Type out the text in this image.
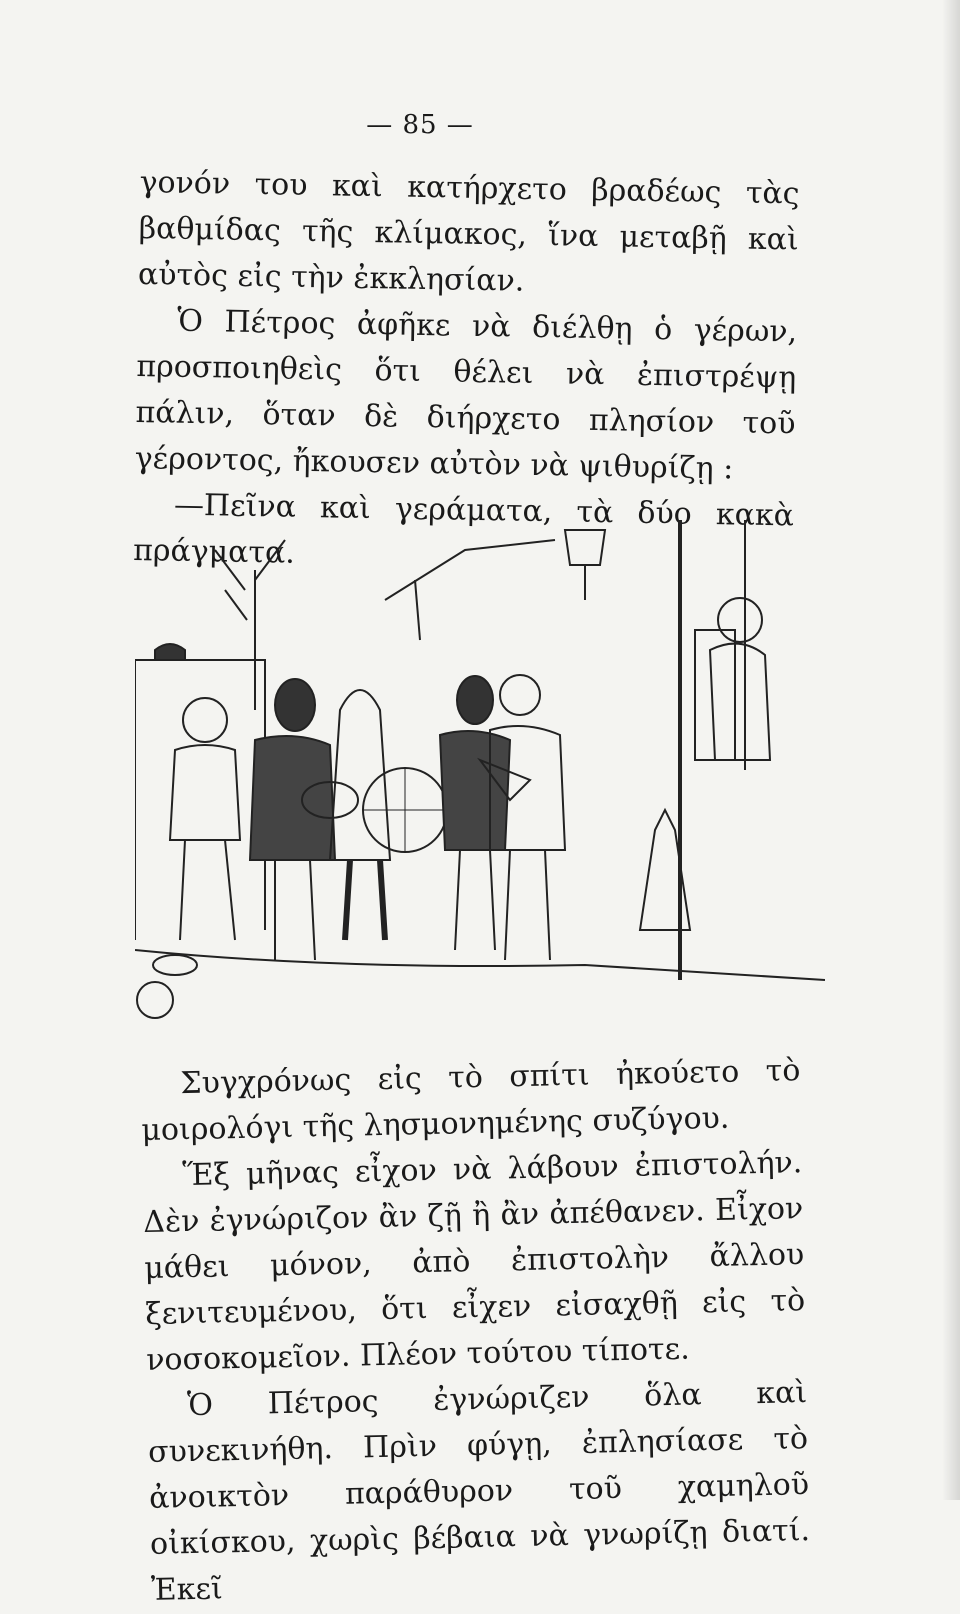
— 85 —

γονόν του καὶ κατήρχετο βραδέως τὰς βαθμίδας τῆς κλίμακος, ἵνα μεταβῇ καὶ αὐτὸς εἰς τὴν ἐκκλησίαν.

Ὁ Πέτρος ἀφῆκε νὰ διέλθῃ ὁ γέρων, προσποιηθεὶς ὅτι θέλει νὰ ἐπιστρέψῃ πάλιν, ὅταν δὲ διήρχετο πλησίον τοῦ γέροντος, ἤκουσεν αὐτὸν νὰ ψιθυρίζῃ :

—Πεῖνα καὶ γεράματα, τὰ δύο κακὰ πράγματα.

Συγχρόνως εἰς τὸ σπίτι ἠκούετο τὸ μοιρολόγι τῆς λησμονημένης συζύγου.

Ἕξ μῆνας εἶχον νὰ λάβουν ἐπιστολήν. Δὲν ἐγνώριζον ἂν ζῇ ἢ ἂν ἀπέθανεν. Εἶχον μάθει μόνον, ἀπὸ ἐπιστολὴν ἄλλου ξενιτευμένου, ὅτι εἶχεν εἰσαχθῇ εἰς τὸ νοσοκομεῖον. Πλέον τούτου τίποτε.

Ὁ Πέτρος ἐγνώριζεν ὅλα καὶ συνεκινήθη. Πρὶν φύγῃ, ἐπλησίασε τὸ ἀνοικτὸν παράθυρον τοῦ χαμηλοῦ οἰκίσκου, χωρὶς βέβαια νὰ γνωρίζῃ διατί. Ἐκεῖ
